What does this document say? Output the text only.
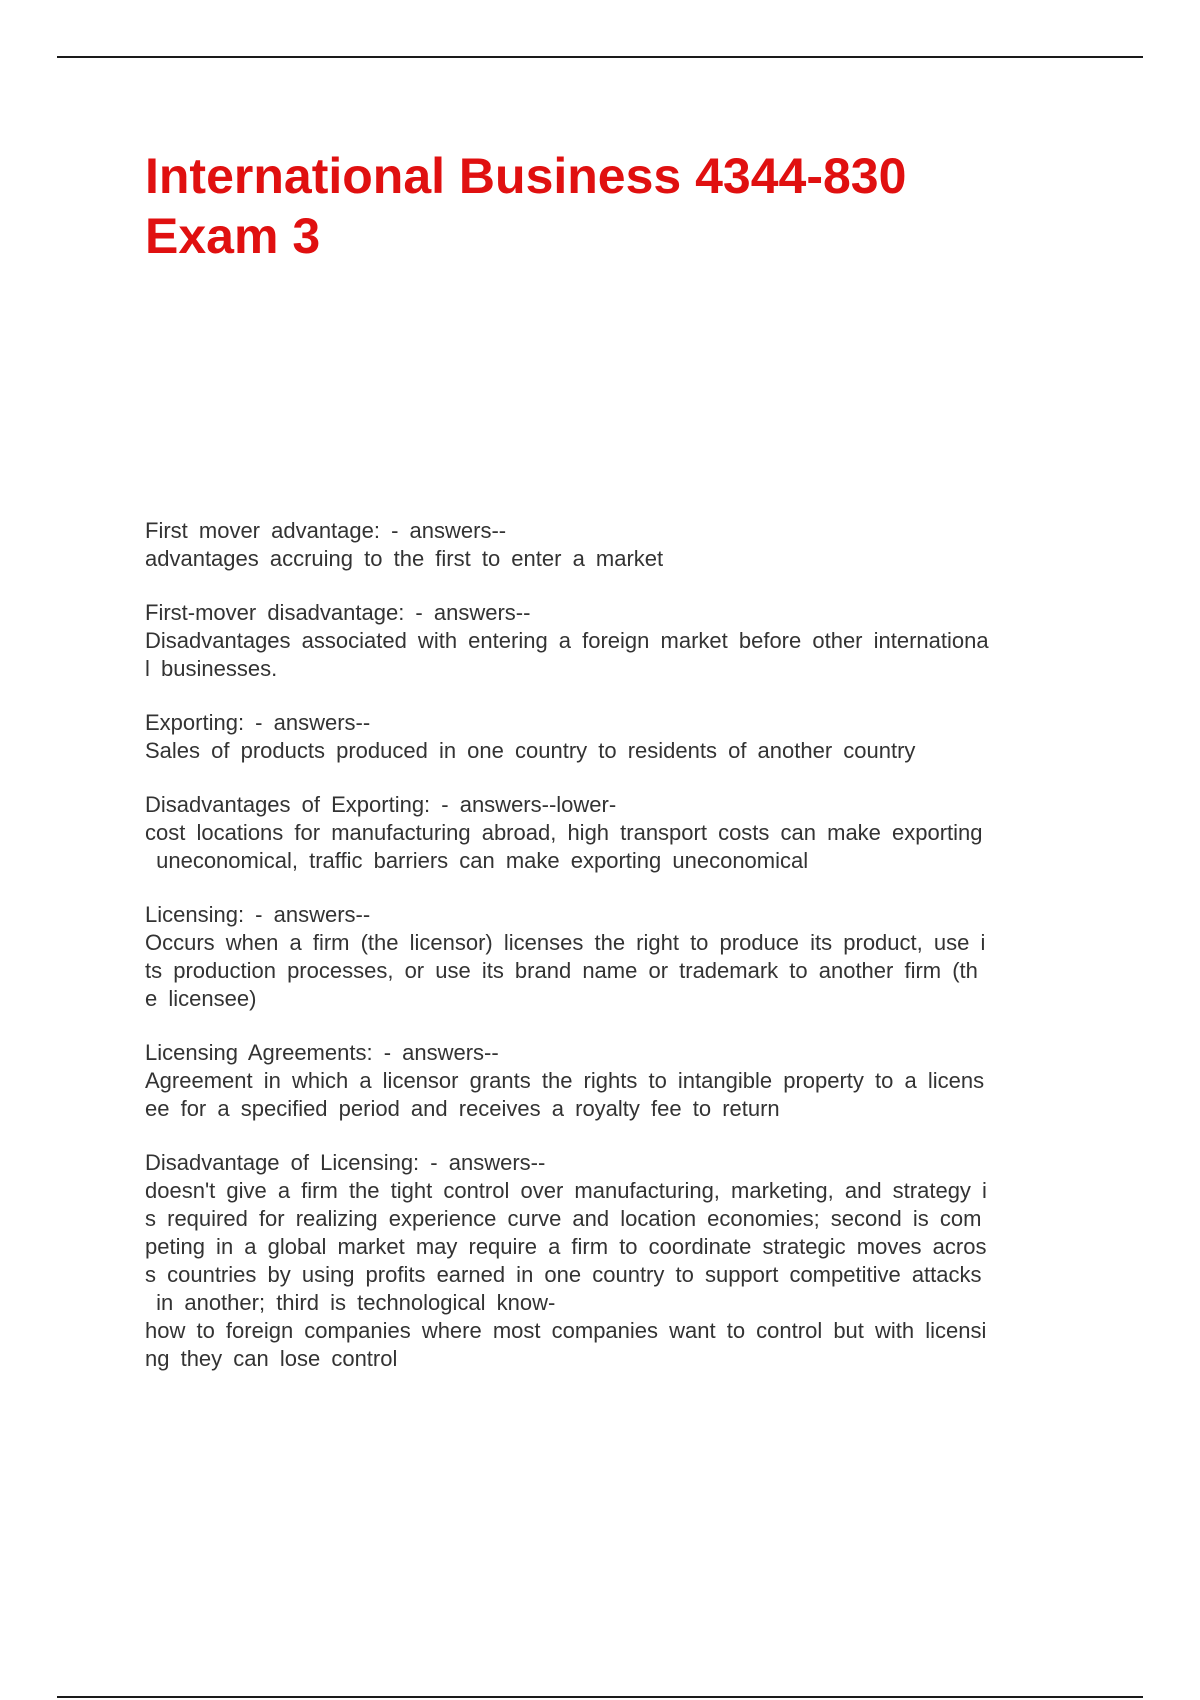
International Business 4344-830
Exam 3
First mover advantage: - answers--
advantages accruing to the first to enter a market
First-mover disadvantage: - answers--
Disadvantages associated with entering a foreign market before other internationa
l businesses.
Exporting: - answers--
Sales of products produced in one country to residents of another country
Disadvantages of Exporting: - answers--lower-
cost locations for manufacturing abroad, high transport costs can make exporting
uneconomical, traffic barriers can make exporting uneconomical
Licensing: - answers--
Occurs when a firm (the licensor) licenses the right to produce its product, use i
ts production processes, or use its brand name or trademark to another firm (th
e licensee)
Licensing Agreements: - answers--
Agreement in which a licensor grants the rights to intangible property to a licens
ee for a specified period and receives a royalty fee to return
Disadvantage of Licensing: - answers--
doesn't give a firm the tight control over manufacturing, marketing, and strategy i
s required for realizing experience curve and location economies; second is com
peting in a global market may require a firm to coordinate strategic moves acros
s countries by using profits earned in one country to support competitive attacks
in another; third is technological know-
how to foreign companies where most companies want to control but with licensi
ng they can lose control
